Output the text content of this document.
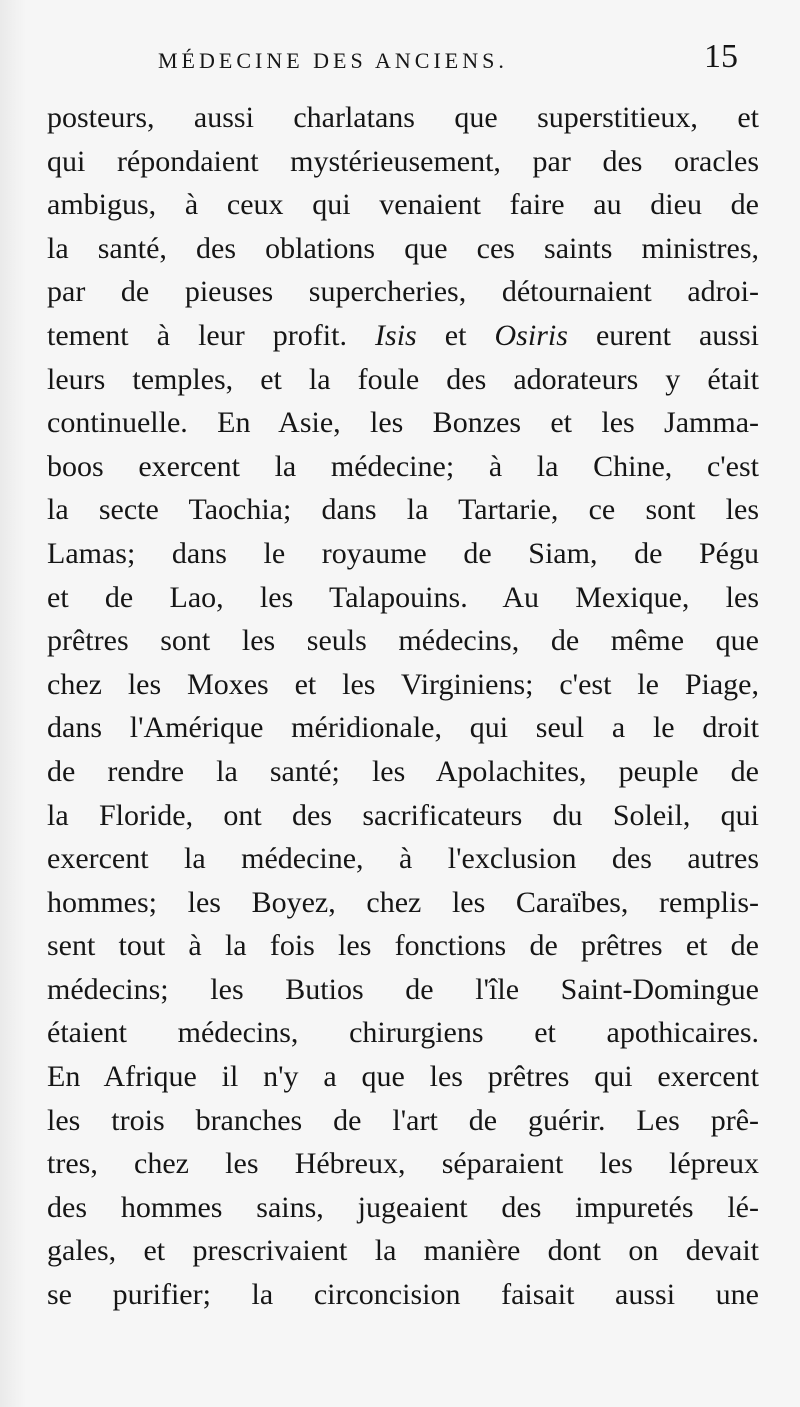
MÉDECINE DES ANCIENS.	15
posteurs, aussi charlatans que superstitieux, et
qui répondaient mystérieusement, par des oracles
ambigus, à ceux qui venaient faire au dieu de
la santé, des oblations que ces saints ministres,
par de pieuses supercheries, détournaient adroi-
tement à leur profit. Isis et Osiris eurent aussi
leurs temples, et la foule des adorateurs y était
continuelle. En Asie, les Bonzes et les Jamma-
boos exercent la médecine; à la Chine, c'est
la secte Taochia; dans la Tartarie, ce sont les
Lamas; dans le royaume de Siam, de Pégu
et de Lao, les Talapouins. Au Mexique, les
prêtres sont les seuls médecins, de même que
chez les Moxes et les Virginiens; c'est le Piage,
dans l'Amérique méridionale, qui seul a le droit
de rendre la santé; les Apolachites, peuple de
la Floride, ont des sacrificateurs du Soleil, qui
exercent la médecine, à l'exclusion des autres
hommes; les Boyez, chez les Caraïbes, remplis-
sent tout à la fois les fonctions de prêtres et de
médecins; les Butios de l'île Saint-Domingue
étaient médecins, chirurgiens et apothicaires.
En Afrique il n'y a que les prêtres qui exercent
les trois branches de l'art de guérir. Les prê-
tres, chez les Hébreux, séparaient les lépreux
des hommes sains, jugeaient des impuretés lé-
gales, et prescrivaient la manière dont on devait
se purifier; la circoncision faisait aussi une
